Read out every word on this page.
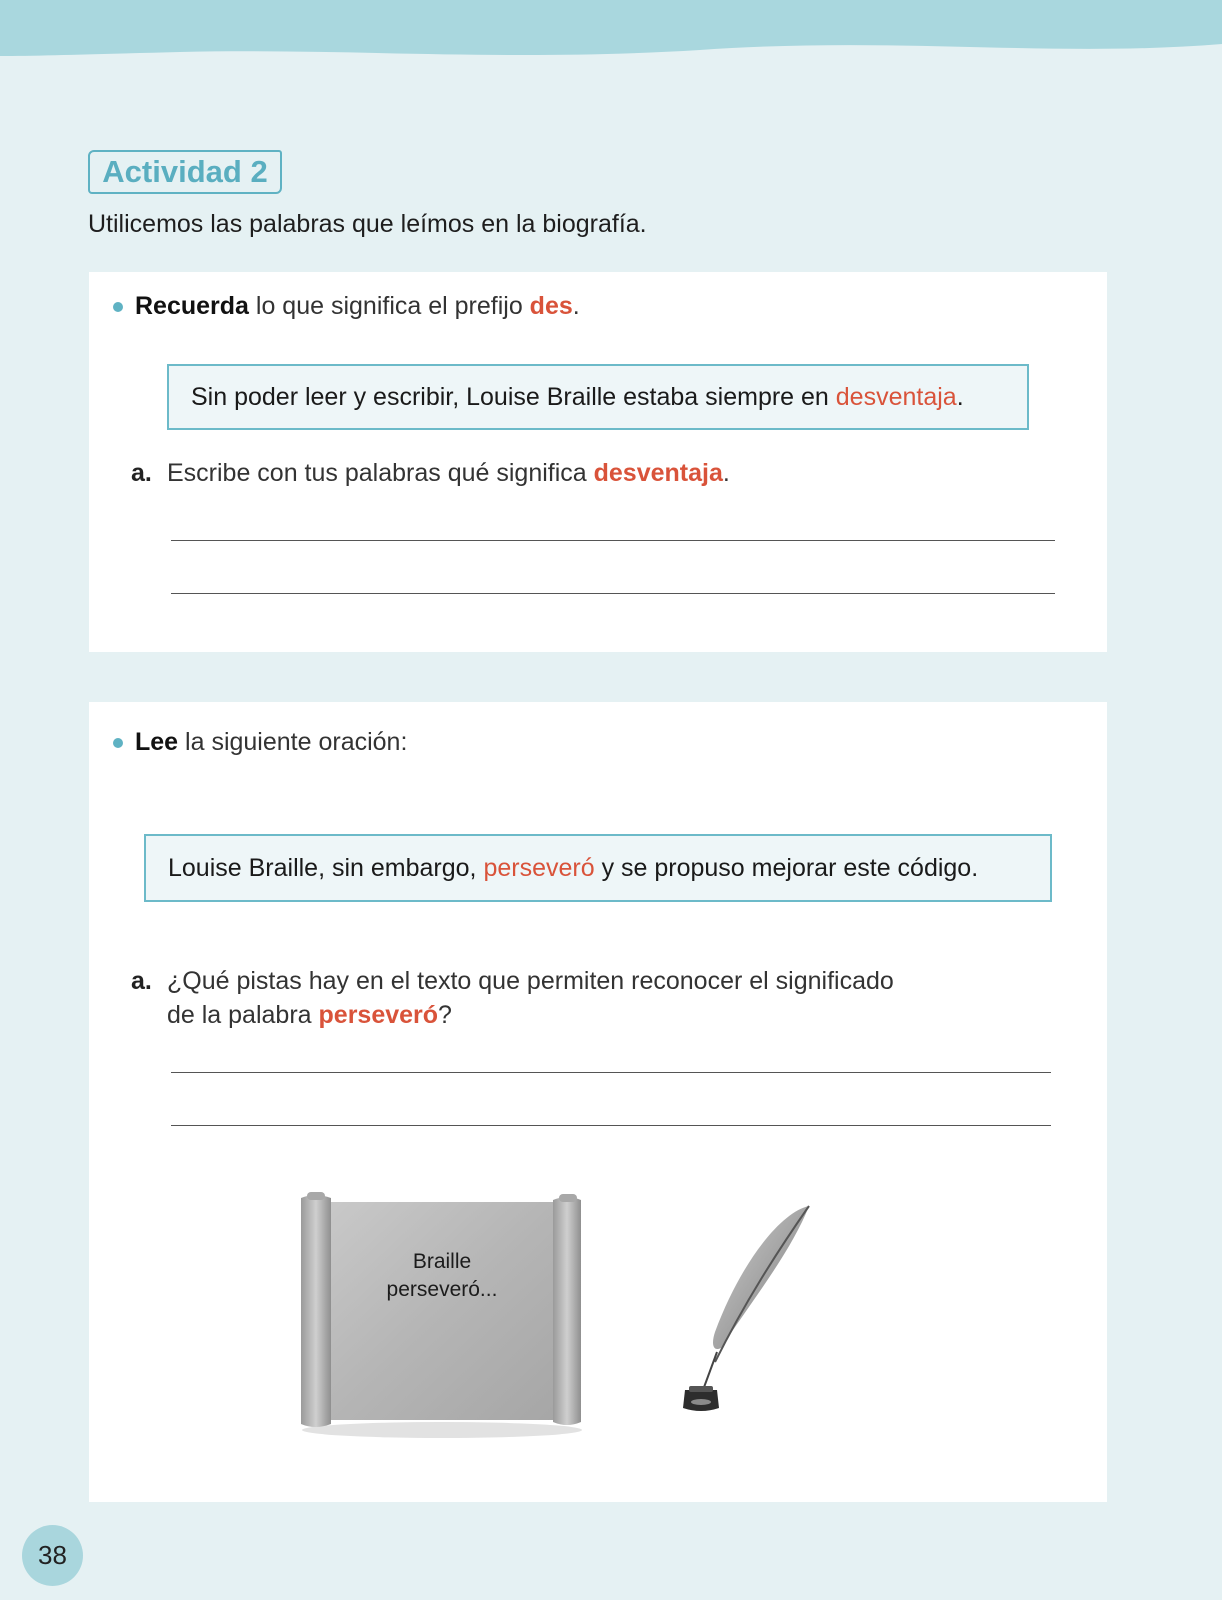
Actividad 2
Utilicemos las palabras que leímos en la biografía.
Recuerda lo que significa el prefijo des.
Sin poder leer y escribir, Louise Braille estaba siempre en desventaja.
a. Escribe con tus palabras qué significa desventaja.
Lee la siguiente oración:
Louise Braille, sin embargo, perseveró y se propuso mejorar este código.
a. ¿Qué pistas hay en el texto que permiten reconocer el significado
de la palabra perseveró?
Braille
perseveró...
38
